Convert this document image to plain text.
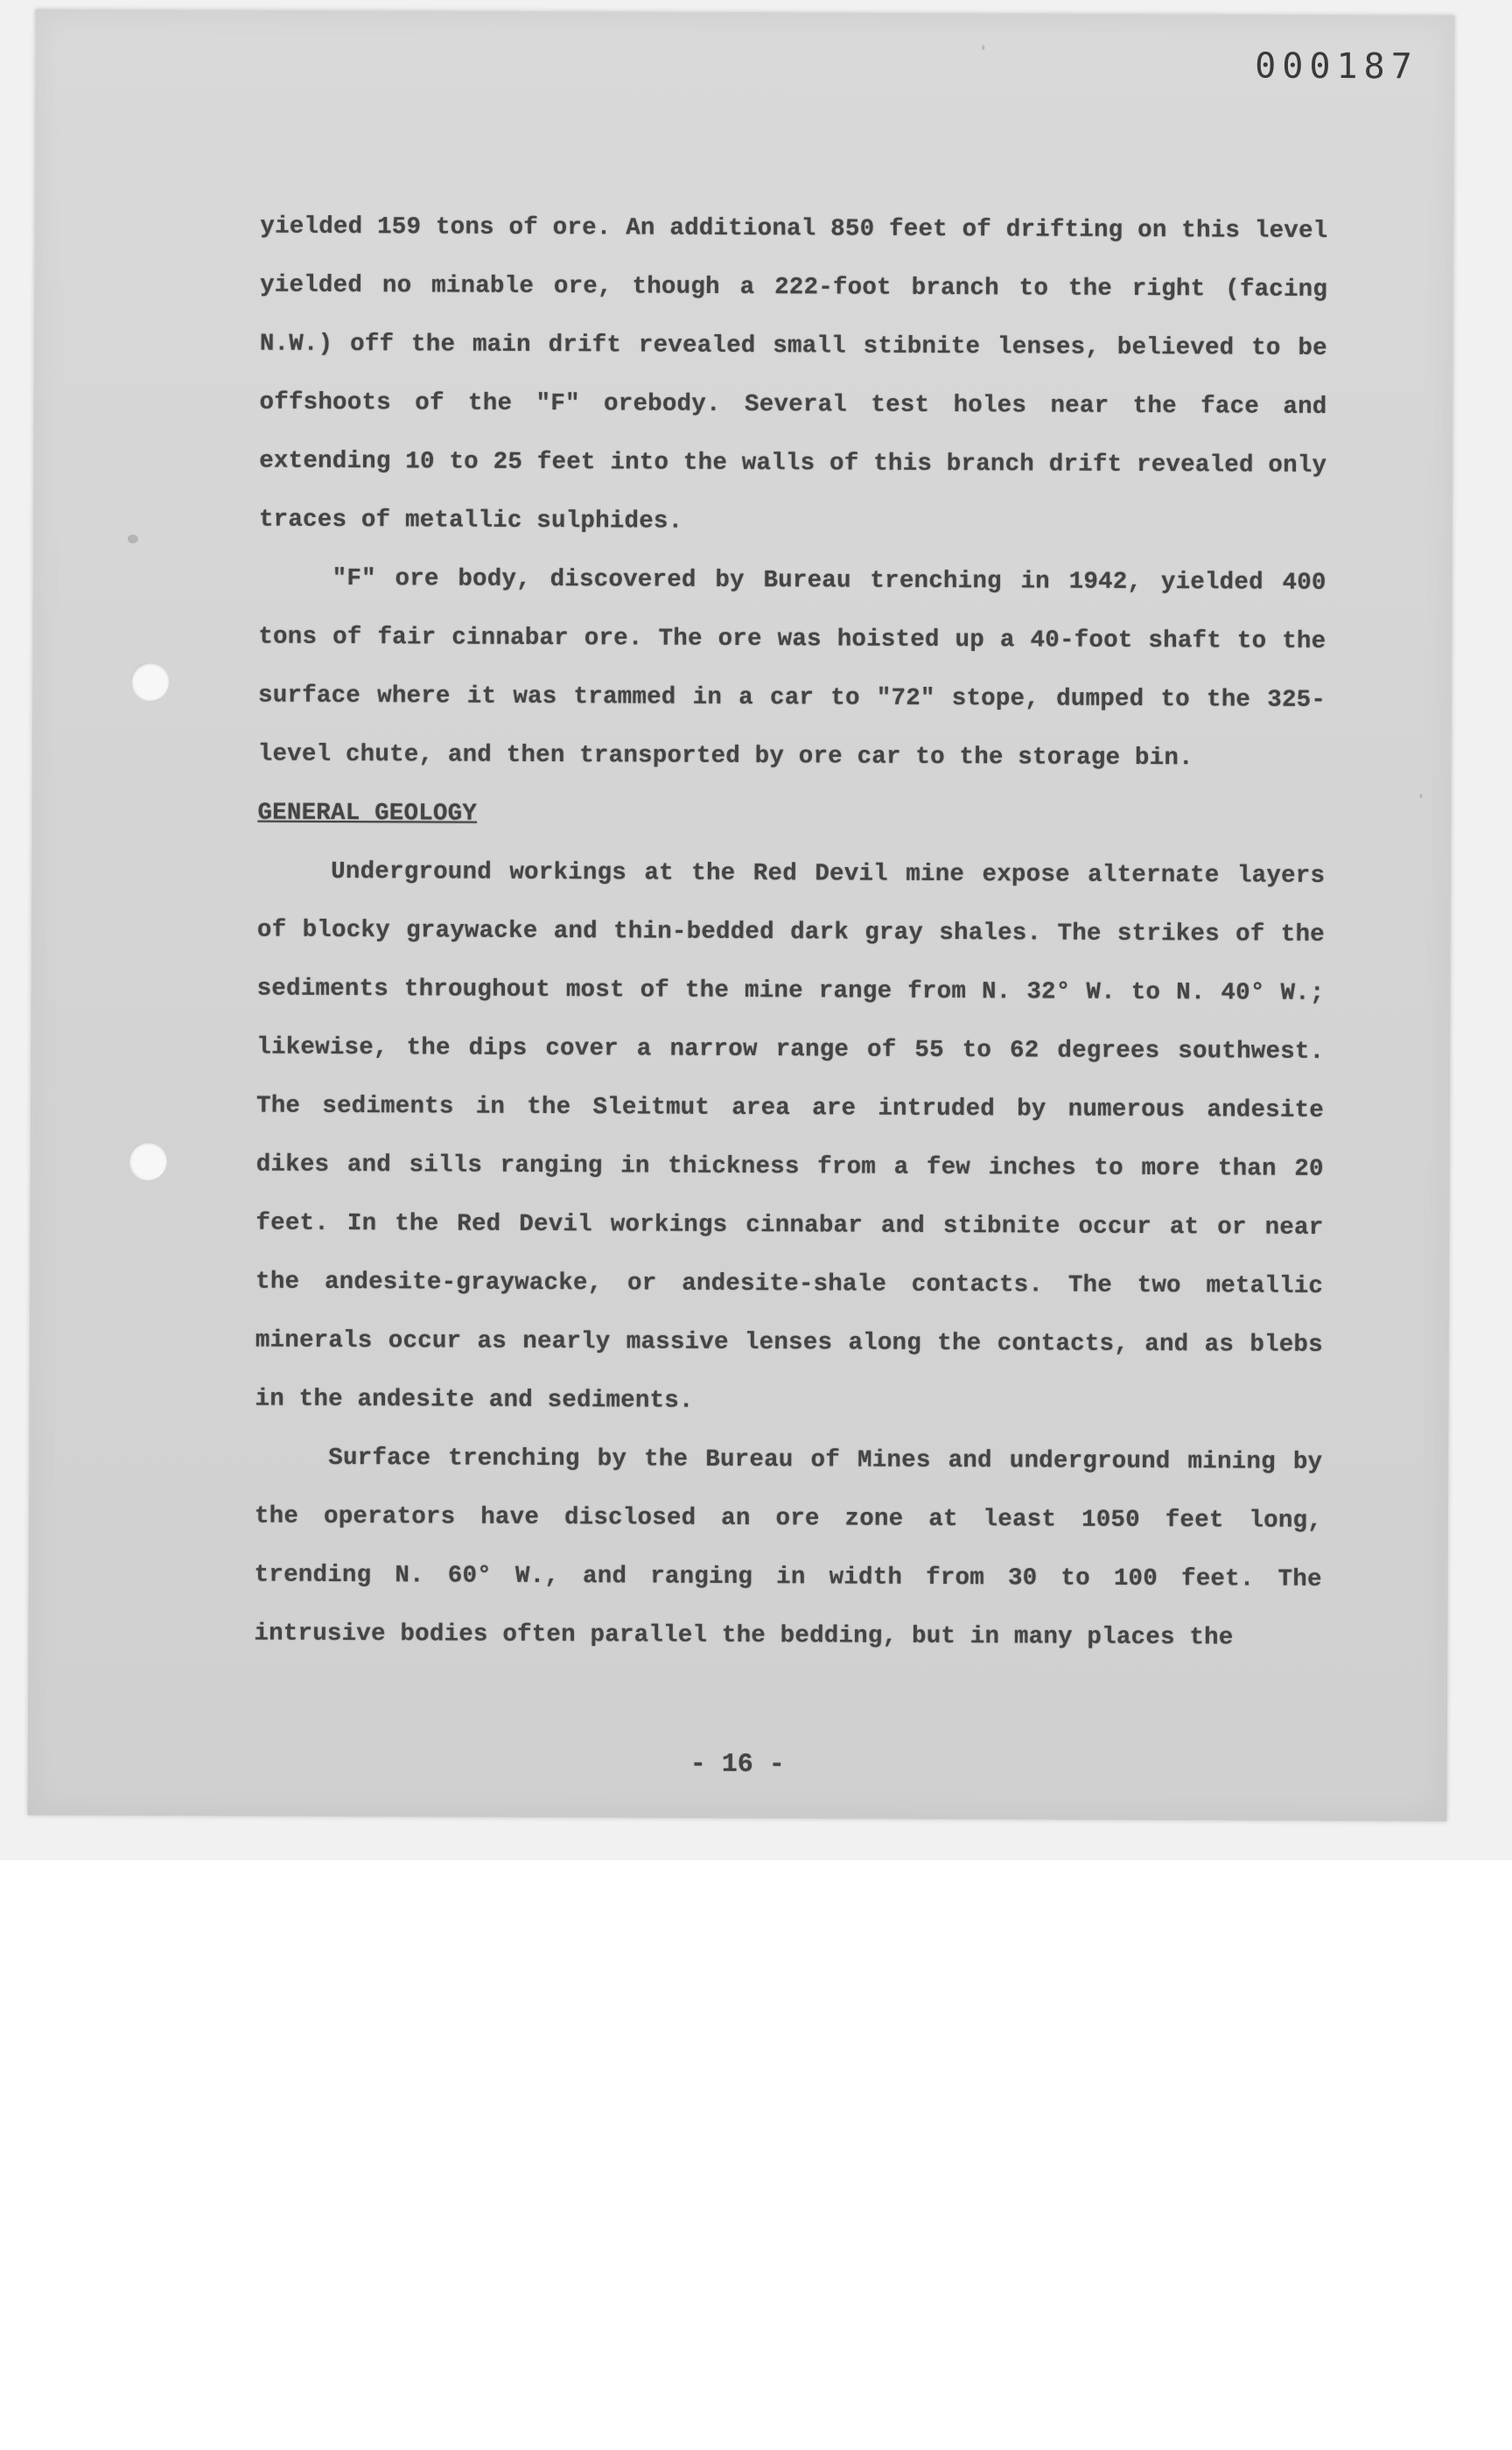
000187

yielded 159 tons of ore. An additional 850 feet of drifting on this level yielded no minable ore, though a 222-foot branch to the right (facing N.W.) off the main drift revealed small stibnite lenses, believed to be offshoots of the "F" orebody. Several test holes near the face and extending 10 to 25 feet into the walls of this branch drift revealed only traces of metallic sulphides.

"F" ore body, discovered by Bureau trenching in 1942, yielded 400 tons of fair cinnabar ore. The ore was hoisted up a 40-foot shaft to the surface where it was trammed in a car to "72" stope, dumped to the 325-level chute, and then transported by ore car to the storage bin.

GENERAL GEOLOGY

Underground workings at the Red Devil mine expose alternate layers of blocky graywacke and thin-bedded dark gray shales. The strikes of the sediments throughout most of the mine range from N. 32° W. to N. 40° W.; likewise, the dips cover a narrow range of 55 to 62 degrees southwest. The sediments in the Sleitmut area are intruded by numerous andesite dikes and sills ranging in thickness from a few inches to more than 20 feet. In the Red Devil workings cinnabar and stibnite occur at or near the andesite-graywacke, or andesite-shale contacts. The two metallic minerals occur as nearly massive lenses along the contacts, and as blebs in the andesite and sediments.

Surface trenching by the Bureau of Mines and underground mining by the operators have disclosed an ore zone at least 1050 feet long, trending N. 60° W., and ranging in width from 30 to 100 feet. The intrusive bodies often parallel the bedding, but in many places the

- 16 -
